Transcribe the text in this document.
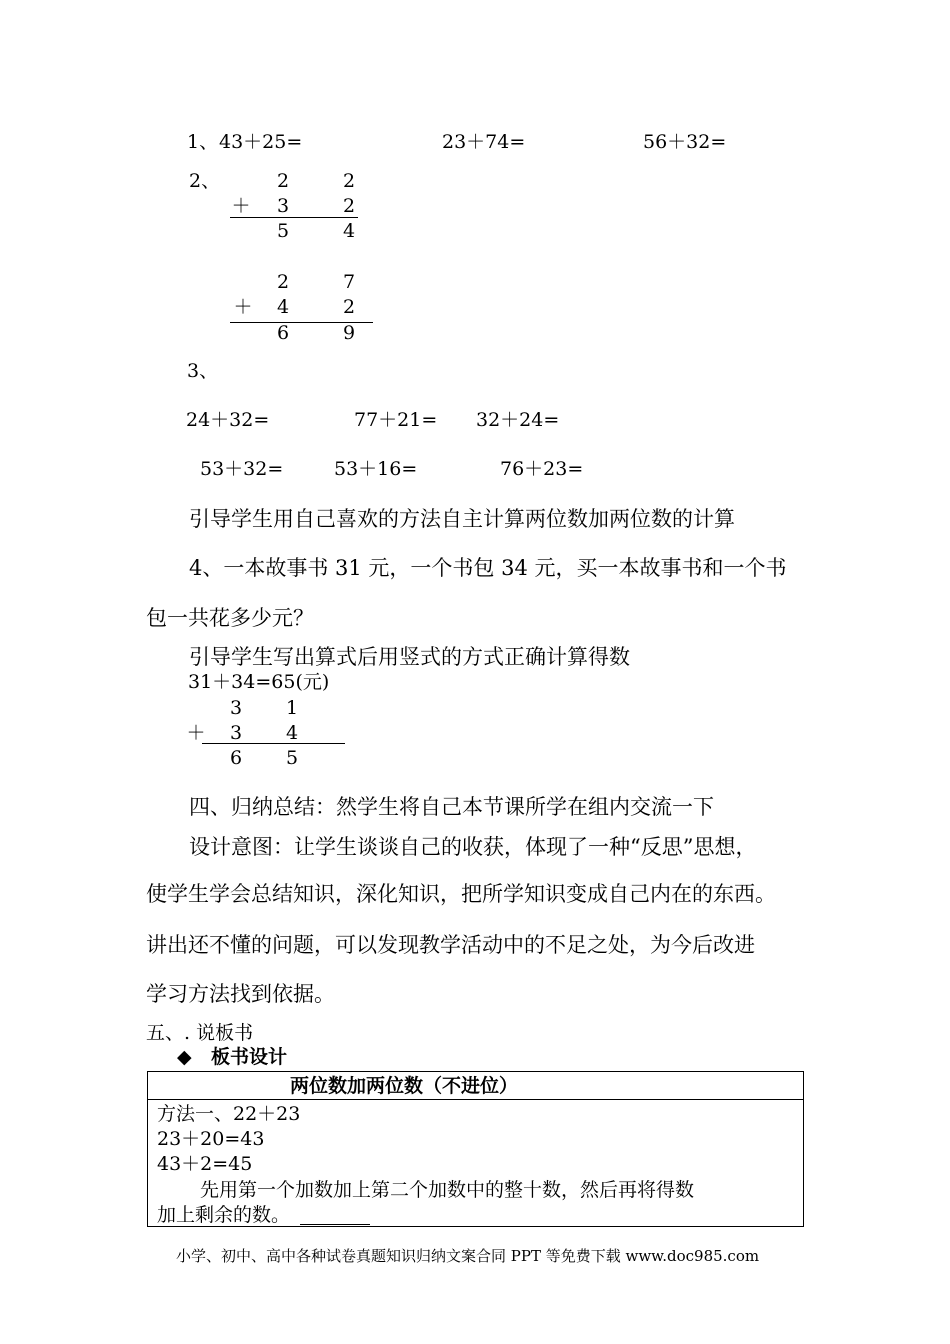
1、 43＋25=	23＋74=	56＋32=
2、	2	2
＋ 3	2
5	4
2	7
＋ 4	2
6	9
3、
24＋32=	77＋21= 32＋24=
53＋32=	53＋16=	76＋23=
引导学生用自己喜欢的方法自主计算两位数加两位数的计算
4、一本故事书 31 元，一个书包 34 元，买一本故事书和一个书
包一共花多少元？
引导学生写出算式后用竖式的方式正确计算得数
31＋34=65(元)
3 1
＋ 3 4
6 5
四、归纳总结：然学生将自己本节课所学在组内交流一下
设计意图：让学生谈谈自己的收获，体现了一种“反思”思想，
使学生学会总结知识，深化知识，把所学知识变成自己内在的东西。
讲出还不懂的问题，可以发现教学活动中的不足之处，为今后改进
学习方法找到依据。
五、. 说板书
◆ 板书设计
两位数加两位数（不进位）
方法一、22＋23
23＋20=43
43＋2=45
先用第一个加数加上第二个加数中的整十数，然后再将得数
加上剩余的数。
小学、初中、高中各种试卷真题知识归纳文案合同 PPT 等免费下载 www.doc985.com
